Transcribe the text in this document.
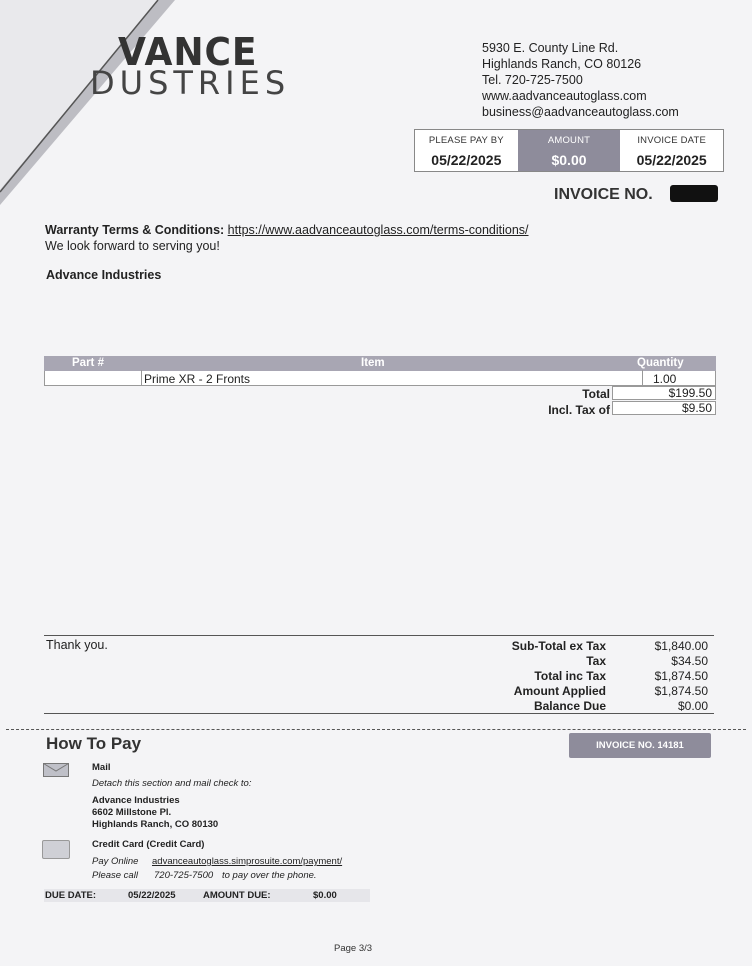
VANCE
DUSTRIES
5930 E. County Line Rd.
Highlands Ranch, CO 80126
Tel. 720-725-7500
www.aadvanceautoglass.com
business@aadvanceautoglass.com
PLEASE PAY BY
05/22/2025
AMOUNT
$0.00
INVOICE DATE
05/22/2025
INVOICE NO.
Warranty Terms & Conditions: https://www.aadvanceautoglass.com/terms-conditions/
We look forward to serving you!
Advance Industries
Part #	Item	Quantity
Prime XR - 2 Fronts	1.00
Total	$199.50
Incl. Tax of	$9.50
Thank you.	Sub-Total ex Tax	$1,840.00
Tax	$34.50
Total inc Tax	$1,874.50
Amount Applied	$1,874.50
Balance Due	$0.00
How To Pay	INVOICE NO. 14181
Mail
Detach this section and mail check to:
Advance Industries
6602 Millstone Pl.
Highlands Ranch, CO 80130
Credit Card (Credit Card)
Pay Online advanceautoglass.simprosuite.com/payment/
Please call 720-725-7500 to pay over the phone.
DUE DATE:	05/22/2025	AMOUNT DUE:	$0.00
Page 3/3
